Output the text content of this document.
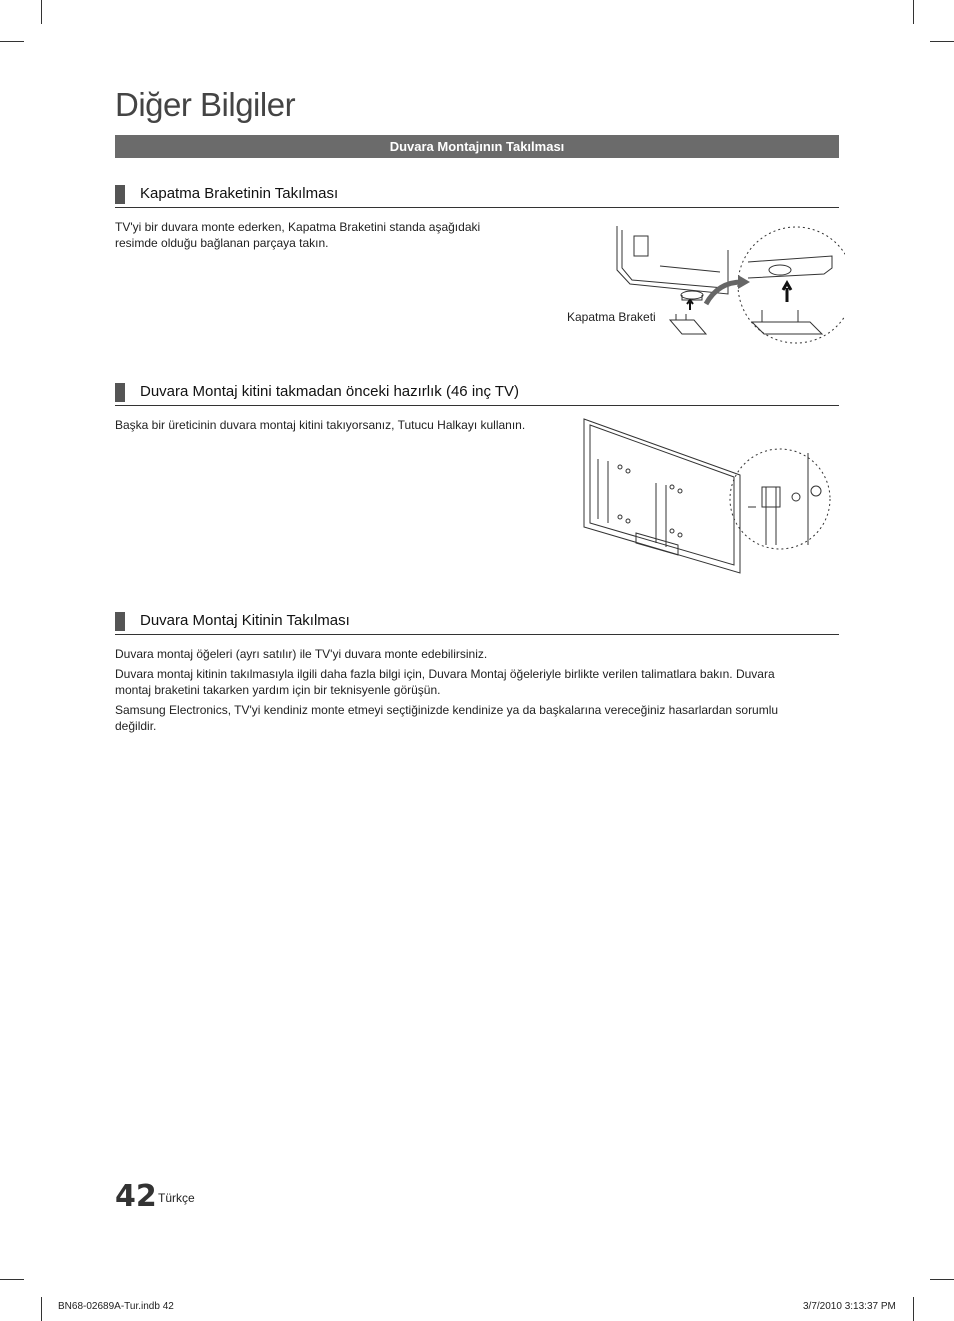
Diğer Bilgiler
Duvara Montajının Takılması
Kapatma Braketinin Takılması
TV'yi bir duvara monte ederken, Kapatma Braketini standa aşağıdaki
resimde olduğu bağlanan parçaya takın.
Kapatma Braketi
Duvara Montaj kitini takmadan önceki hazırlık (46 inç TV)
Başka bir üreticinin duvara montaj kitini takıyorsanız, Tutucu Halkayı kullanın.
Duvara Montaj Kitinin Takılması
Duvara montaj öğeleri (ayrı satılır) ile TV'yi duvara monte edebilirsiniz.
Duvara montaj kitinin takılmasıyla ilgili daha fazla bilgi için, Duvara Montaj öğeleriyle birlikte verilen talimatlara bakın. Duvara
montaj braketini takarken yardım için bir teknisyenle görüşün.
Samsung Electronics, TV'yi kendiniz monte etmeyi seçtiğinizde kendinize ya da başkalarına vereceğiniz hasarlardan sorumlu
değildir.
42 Türkçe
BN68-02689A-Tur.indb 42	3/7/2010 3:13:37 PM
